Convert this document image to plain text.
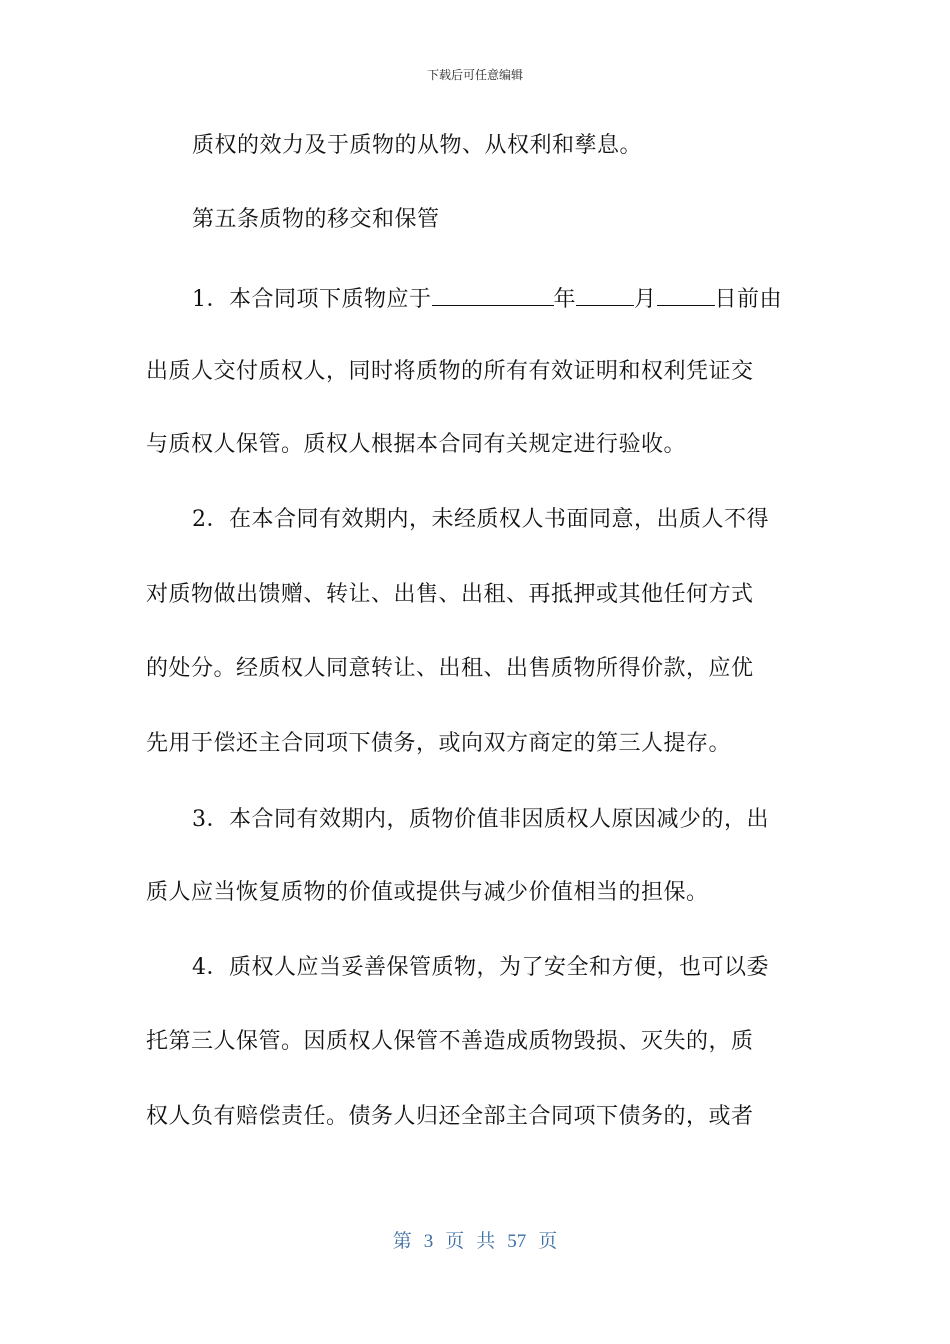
下载后可任意编辑
质权的效力及于质物的从物、从权利和孳息。
第五条质物的移交和保管
1．本合同项下质物应于	年	月	日前由
出质人交付质权人，同时将质物的所有有效证明和权利凭证交
与质权人保管。质权人根据本合同有关规定进行验收。
2．在本合同有效期内，未经质权人书面同意，出质人不得
对质物做出馈赠、转让、出售、出租、再抵押或其他任何方式
的处分。经质权人同意转让、出租、出售质物所得价款，应优
先用于偿还主合同项下债务，或向双方商定的第三人提存。
3．本合同有效期内，质物价值非因质权人原因减少的，出
质人应当恢复质物的价值或提供与减少价值相当的担保。
4．质权人应当妥善保管质物，为了安全和方便，也可以委
托第三人保管。因质权人保管不善造成质物毁损、灭失的，质
权人负有赔偿责任。债务人归还全部主合同项下债务的，或者
第 3 页 共 57 页
